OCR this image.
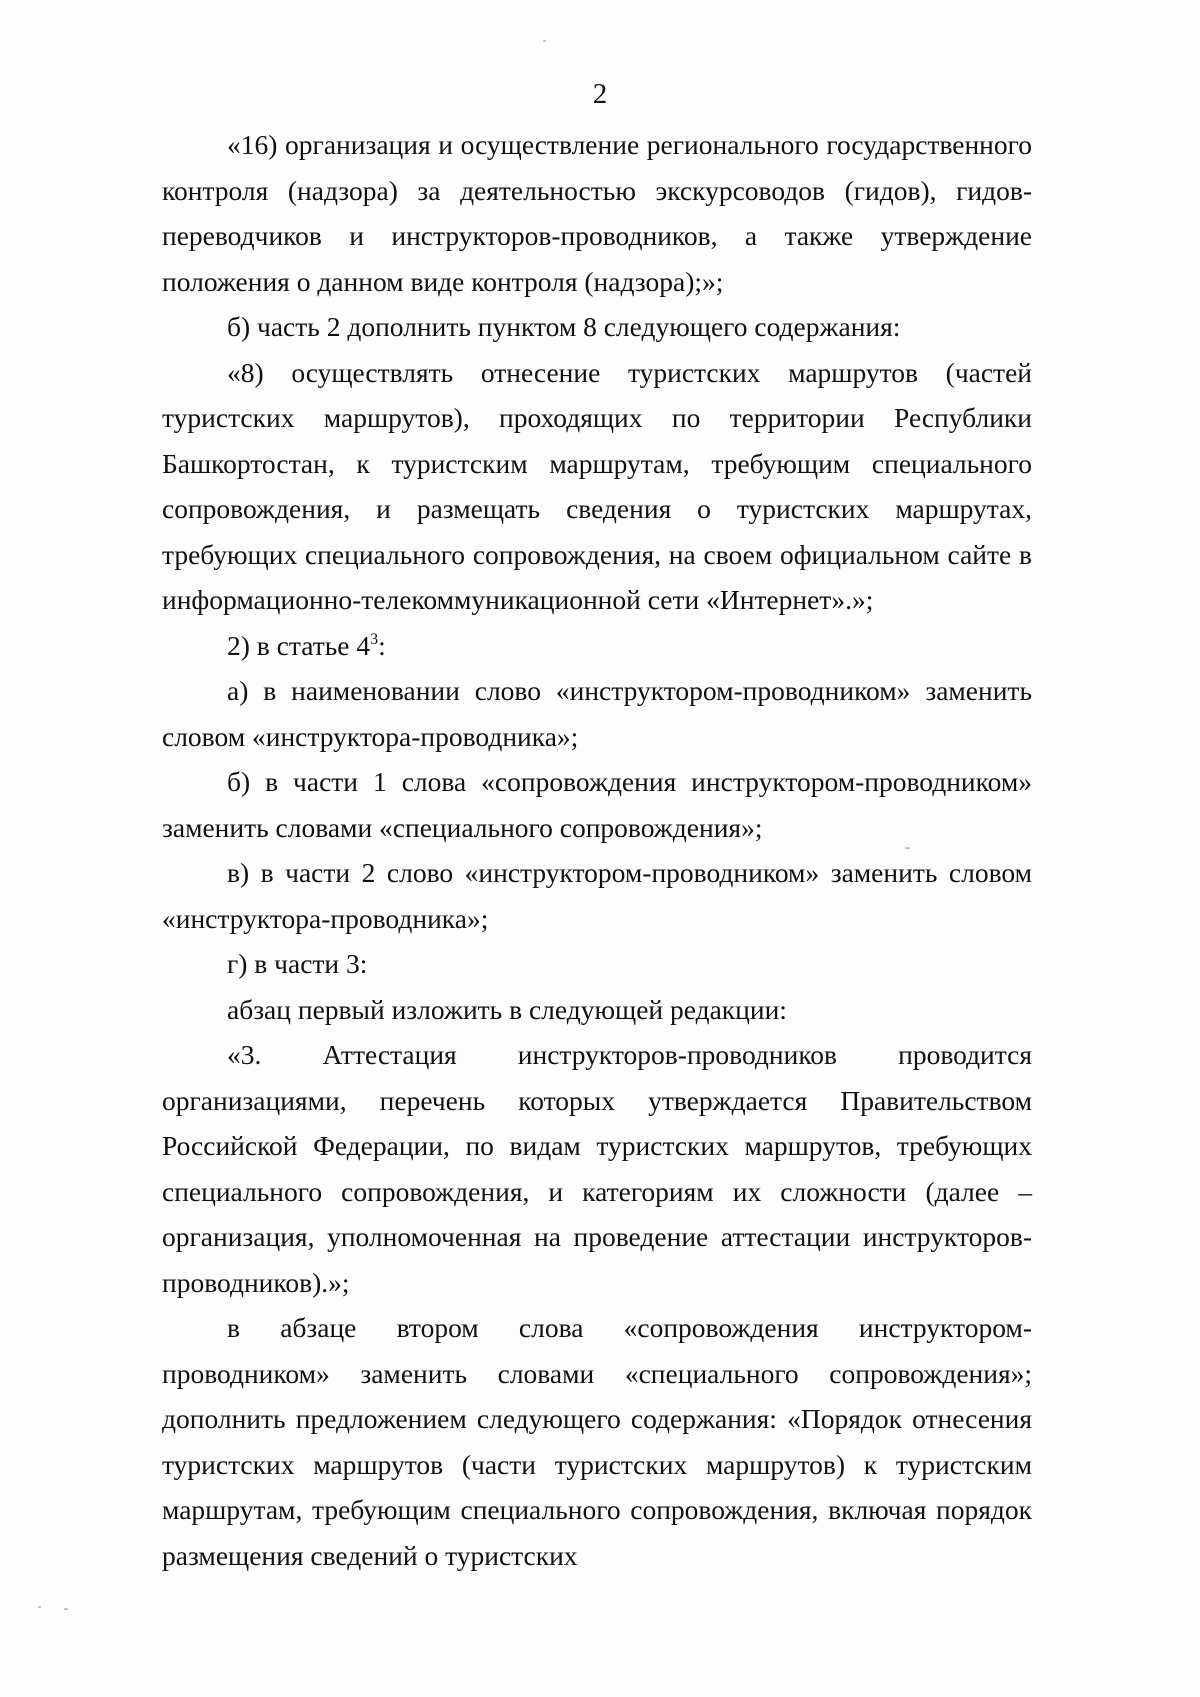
2

«16) организация и осуществление регионального государственного контроля (надзора) за деятельностью экскурсоводов (гидов), гидов-переводчиков и инструкторов-проводников, а также утверждение положения о данном виде контроля (надзора);»;

б) часть 2 дополнить пунктом 8 следующего содержания:

«8) осуществлять отнесение туристских маршрутов (частей туристских маршрутов), проходящих по территории Республики Башкортостан, к туристским маршрутам, требующим специального сопровождения, и размещать сведения о туристских маршрутах, требующих специального сопровождения, на своем официальном сайте в информационно-телекоммуникационной сети «Интернет».»;

2) в статье $4^3$:

а) в наименовании слово «инструктором-проводником» заменить словом «инструктора-проводника»;

б) в части 1 слова «сопровождения инструктором-проводником» заменить словами «специального сопровождения»;

в) в части 2 слово «инструктором-проводником» заменить словом «инструктора-проводника»;

г) в части 3:

абзац первый изложить в следующей редакции:

«3. Аттестация инструкторов-проводников проводится организациями, перечень которых утверждается Правительством Российской Федерации, по видам туристских маршрутов, требующих специального сопровождения, и категориям их сложности (далее – организация, уполномоченная на проведение аттестации инструкторов-проводников).»;

в абзаце втором слова «сопровождения инструктором-проводником» заменить словами «специального сопровождения»; дополнить предложением следующего содержания: «Порядок отнесения туристских маршрутов (части туристских маршрутов) к туристским маршрутам, требующим специального сопровождения, включая порядок размещения сведений о туристских
